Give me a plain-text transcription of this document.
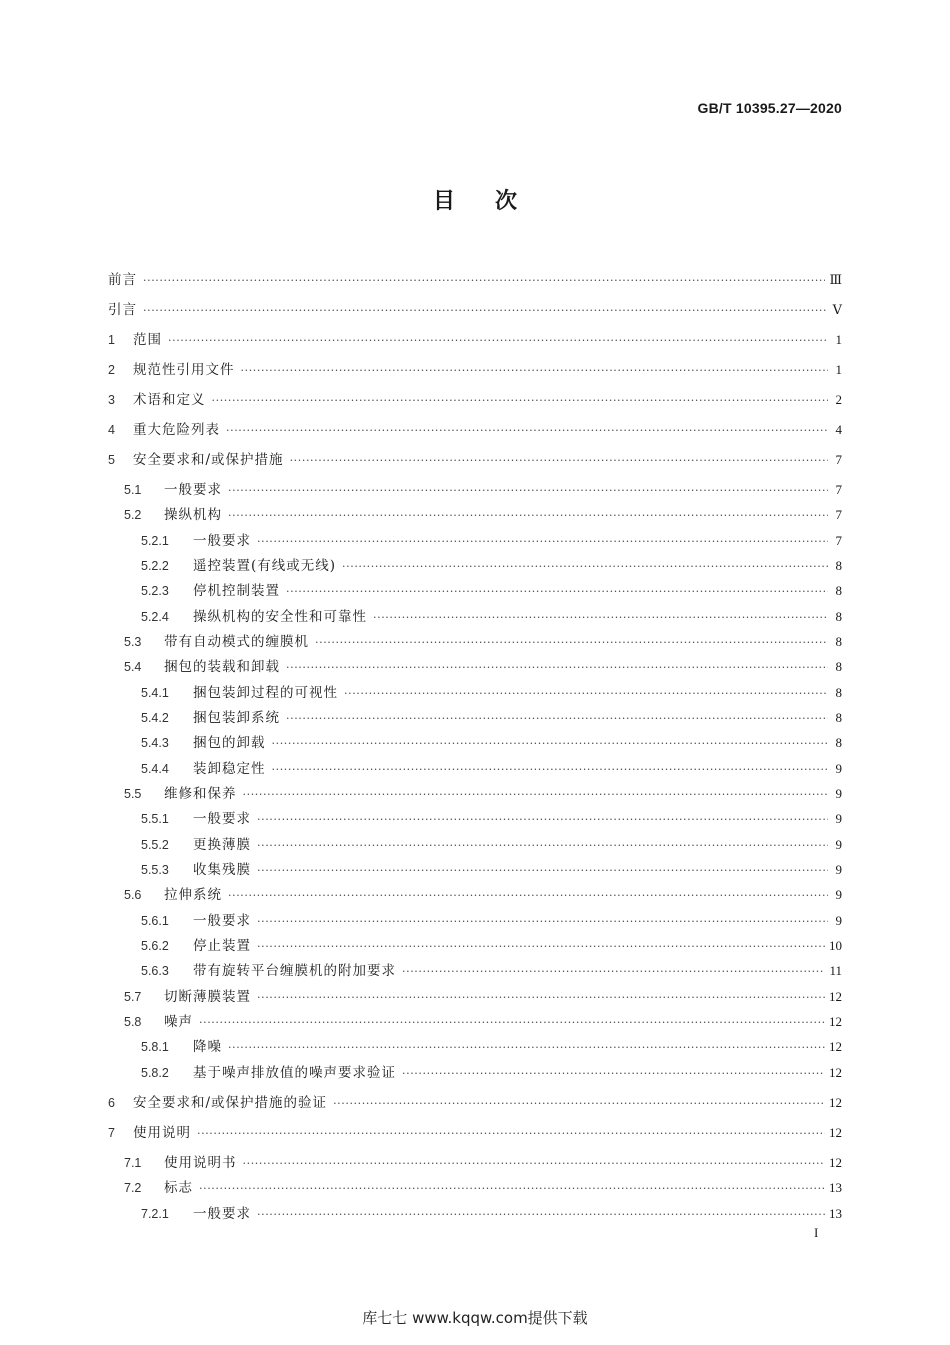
GB/T 10395.27—2020
目次
前言 ·····	Ⅲ
引言 ·····	Ⅴ
1	范围 ·····	1
2	规范性引用文件 ·····	1
3	术语和定义 ·····	2
4	重大危险列表 ·····	4
5	安全要求和/或保护措施 ·····	7
5.1	一般要求 ·····	7
5.2	操纵机构 ·····	7
5.2.1	一般要求 ·····	7
5.2.2	遥控装置(有线或无线) ·····	8
5.2.3	停机控制装置 ·····	8
5.2.4	操纵机构的安全性和可靠性 ·····	8
5.3	带有自动模式的缠膜机 ·····	8
5.4	捆包的装载和卸载 ·····	8
5.4.1	捆包装卸过程的可视性 ·····	8
5.4.2	捆包装卸系统 ·····	8
5.4.3	捆包的卸载 ·····	8
5.4.4	装卸稳定性 ·····	9
5.5	维修和保养 ·····	9
5.5.1	一般要求 ·····	9
5.5.2	更换薄膜 ·····	9
5.5.3	收集残膜 ·····	9
5.6	拉伸系统 ·····	9
5.6.1	一般要求 ·····	9
5.6.2	停止装置 ·····	10
5.6.3	带有旋转平台缠膜机的附加要求 ·····	11
5.7	切断薄膜装置 ·····	12
5.8	噪声 ·····	12
5.8.1	降噪 ·····	12
5.8.2	基于噪声排放值的噪声要求验证 ·····	12
6	安全要求和/或保护措施的验证 ·····	12
7	使用说明 ·····	12
7.1	使用说明书 ·····	12
7.2	标志 ·····	13
7.2.1	一般要求 ·····	13
I
库七七 www.kqqw.com提供下载
